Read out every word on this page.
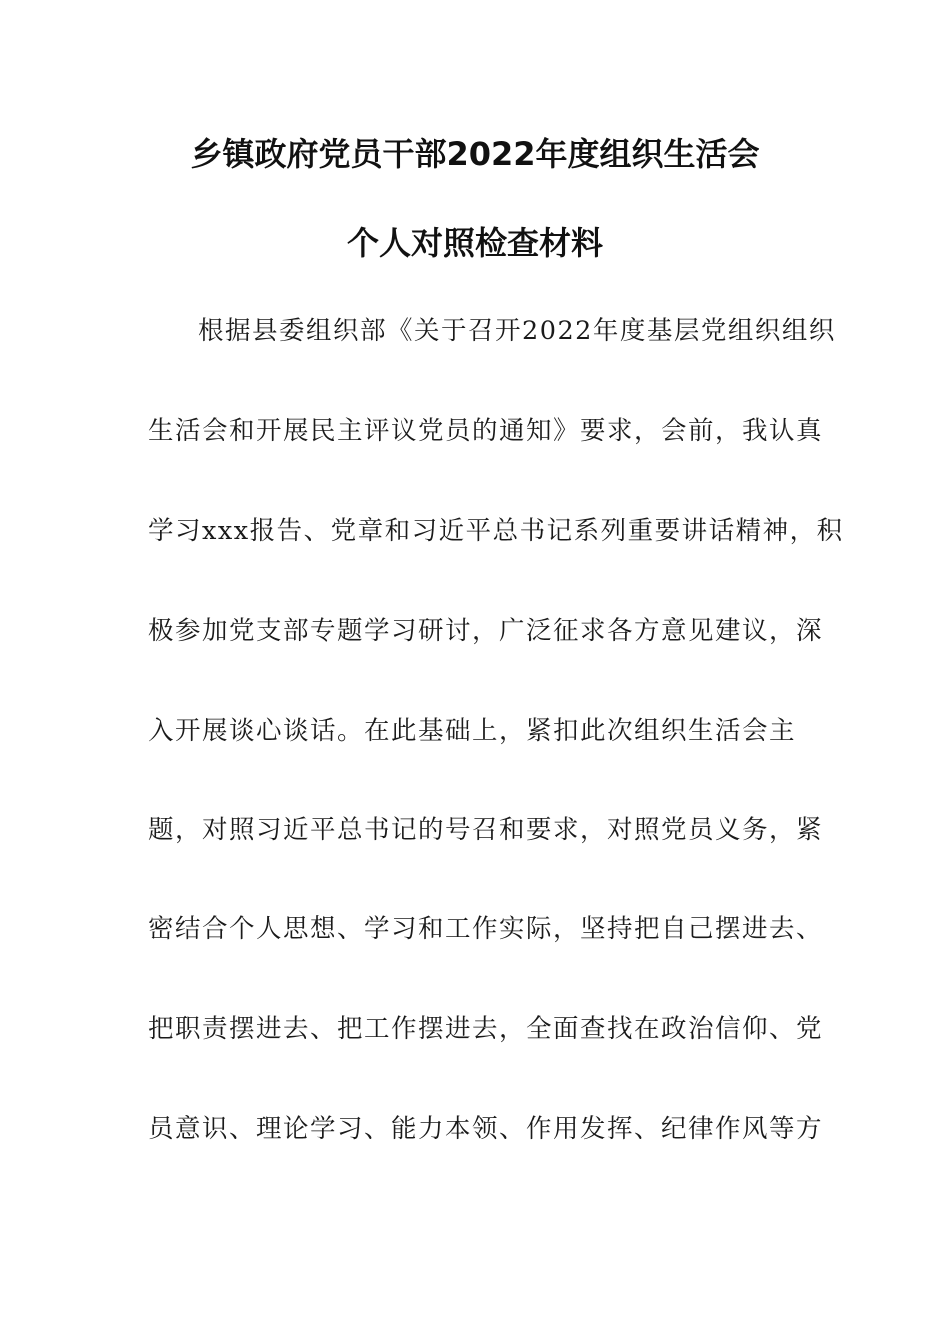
乡镇政府党员干部2022年度组织生活会
个人对照检查材料
根据县委组织部《关于召开2022年度基层党组织组织
生活会和开展民主评议党员的通知》要求，会前，我认真
学习xxx报告、党章和习近平总书记系列重要讲话精神，积
极参加党支部专题学习研讨，广泛征求各方意见建议，深
入开展谈心谈话。在此基础上，紧扣此次组织生活会主
题，对照习近平总书记的号召和要求，对照党员义务，紧
密结合个人思想、学习和工作实际，坚持把自己摆进去、
把职责摆进去、把工作摆进去，全面查找在政治信仰、党
员意识、理论学习、能力本领、作用发挥、纪律作风等方
